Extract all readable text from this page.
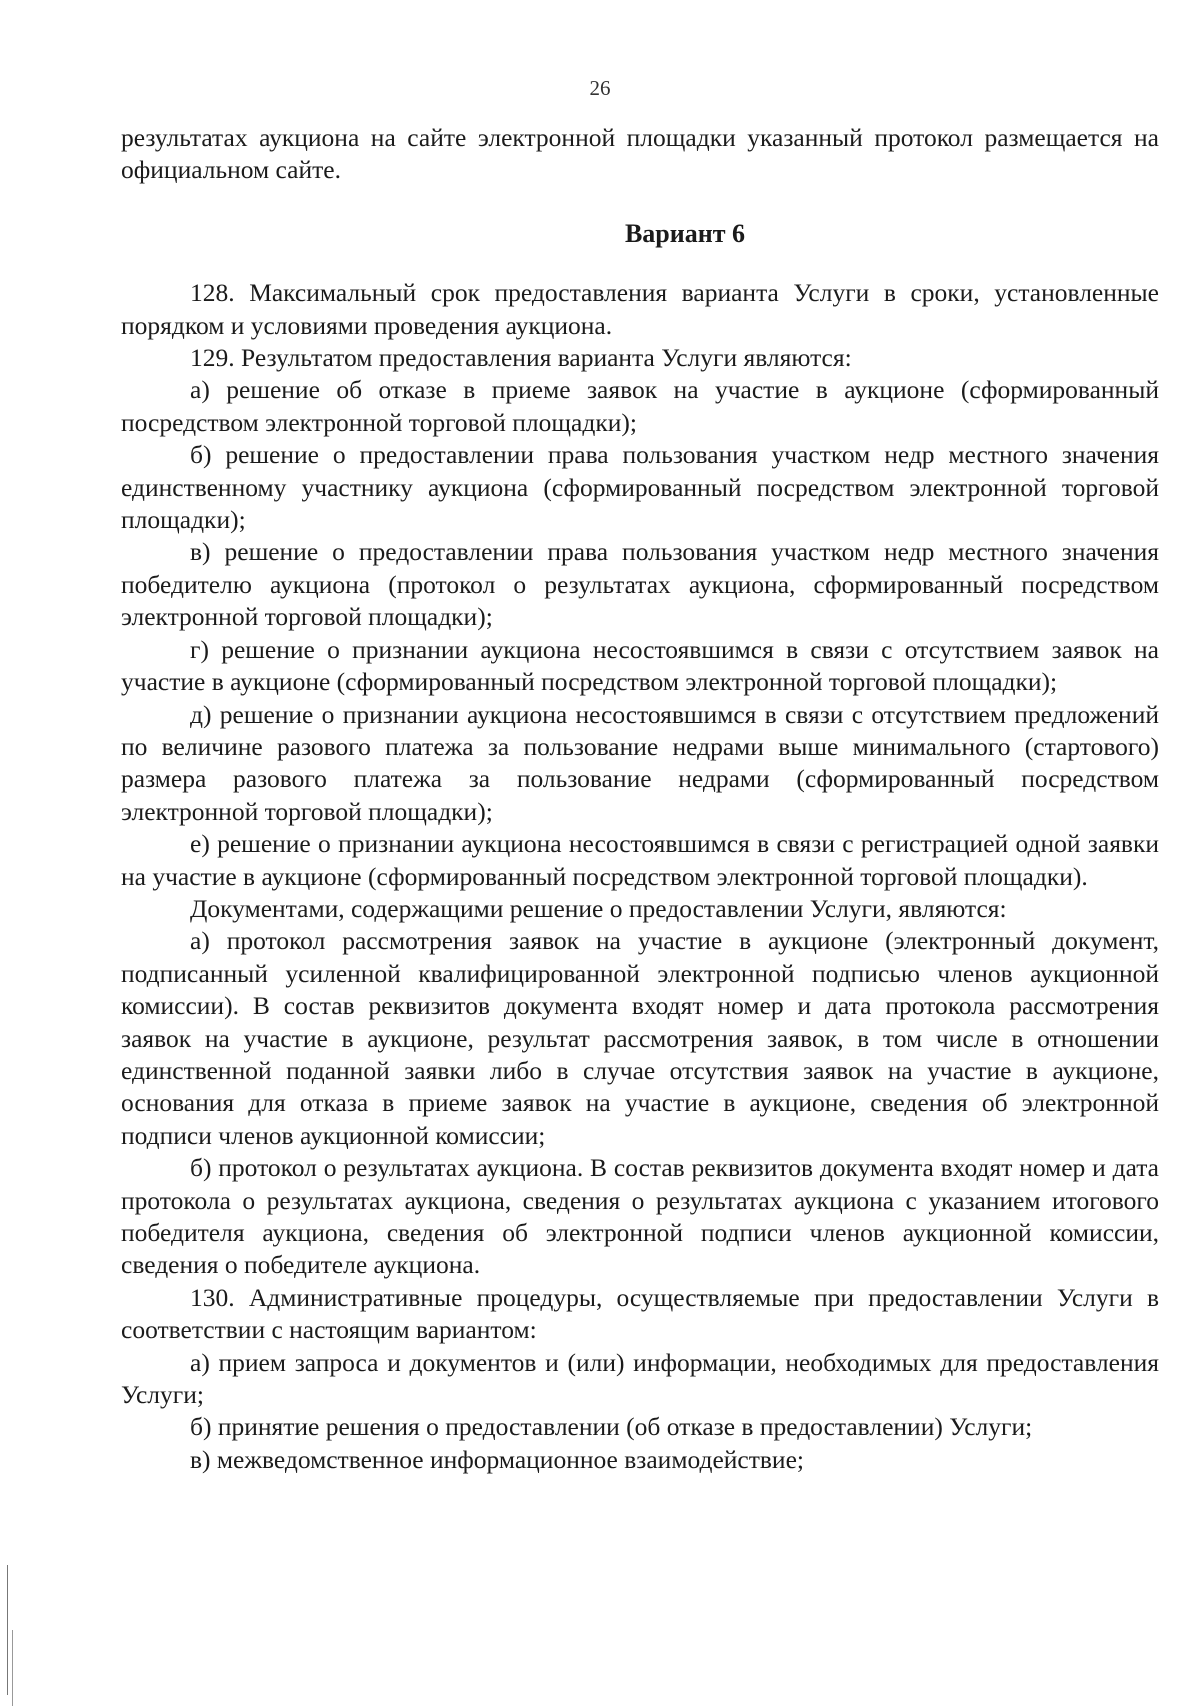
26

результатах аукциона на сайте электронной площадки указанный протокол размещается на официальном сайте.

Вариант 6

128. Максимальный срок предоставления варианта Услуги в сроки, установленные порядком и условиями проведения аукциона.

129. Результатом предоставления варианта Услуги являются:

а) решение об отказе в приеме заявок на участие в аукционе (сформированный посредством электронной торговой площадки);

б) решение о предоставлении права пользования участком недр местного значения единственному участнику аукциона (сформированный посредством электронной торговой площадки);

в) решение о предоставлении права пользования участком недр местного значения победителю аукциона (протокол о результатах аукциона, сформированный посредством электронной торговой площадки);

г) решение о признании аукциона несостоявшимся в связи с отсутствием заявок на участие в аукционе (сформированный посредством электронной торговой площадки);

д) решение о признании аукциона несостоявшимся в связи с отсутствием предложений по величине разового платежа за пользование недрами выше минимального (стартового) размера разового платежа за пользование недрами (сформированный посредством электронной торговой площадки);

е) решение о признании аукциона несостоявшимся в связи с регистрацией одной заявки на участие в аукционе (сформированный посредством электронной торговой площадки).

Документами, содержащими решение о предоставлении Услуги, являются:

а) протокол рассмотрения заявок на участие в аукционе (электронный документ, подписанный усиленной квалифицированной электронной подписью членов аукционной комиссии). В состав реквизитов документа входят номер и дата протокола рассмотрения заявок на участие в аукционе, результат рассмотрения заявок, в том числе в отношении единственной поданной заявки либо в случае отсутствия заявок на участие в аукционе, основания для отказа в приеме заявок на участие в аукционе, сведения об электронной подписи членов аукционной комиссии;

б) протокол о результатах аукциона. В состав реквизитов документа входят номер и дата протокола о результатах аукциона, сведения о результатах аукциона с указанием итогового победителя аукциона, сведения об электронной подписи членов аукционной комиссии, сведения о победителе аукциона.

130. Административные процедуры, осуществляемые при предоставлении Услуги в соответствии с настоящим вариантом:

а) прием запроса и документов и (или) информации, необходимых для предоставления Услуги;

б) принятие решения о предоставлении (об отказе в предоставлении) Услуги;

в) межведомственное информационное взаимодействие;
